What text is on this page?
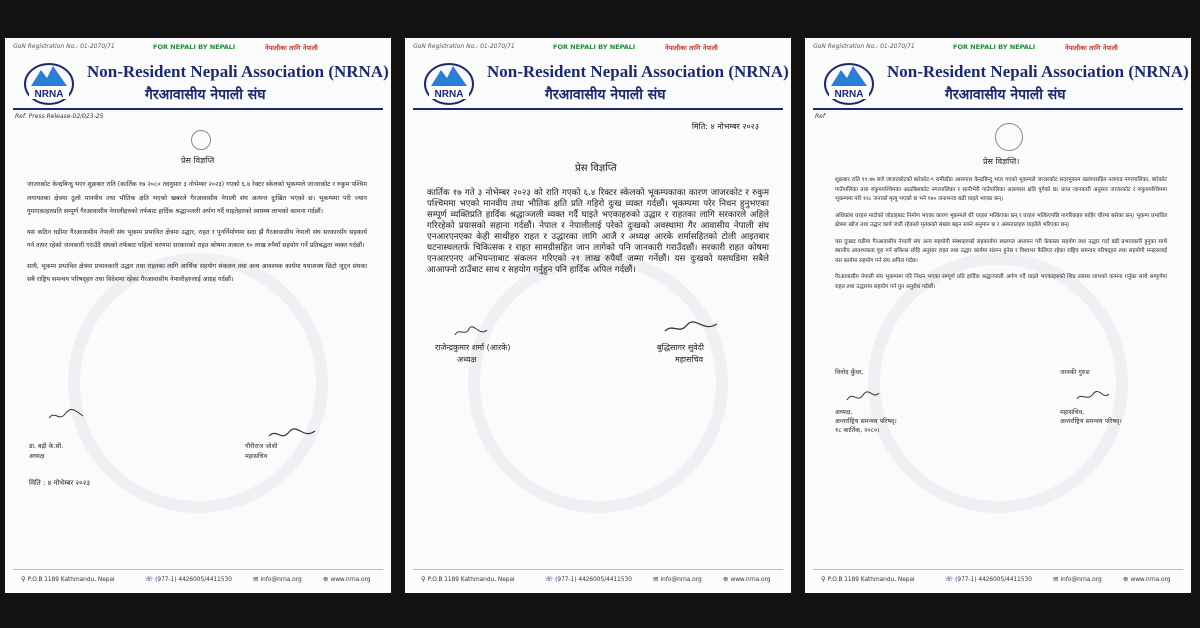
GoN Registration No.: 01-2070/71	FOR NEPALI BY NEPALI	नेपालीका लागि नेपाली
NRNA
Non-Resident Nepali Association (NRNA)
गैरआवासीय नेपाली संघ
Ref. Press Release-02/023-25
प्रेस विज्ञप्ति

जाजरकोट केन्द्रबिन्दु भएर शुक्रबार राति (कार्तिक १७ २०८० तदनुसार ३ नोभेम्बर २०२३) गएको ६.४ रेक्टर स्केलको भूकम्पले जाजरकोट र रुकुम पश्चिम लगायतका क्षेत्रमा ठूलो मानवीय तथा भौतिक क्षति भएको खबरले गैरआवासीय नेपाली संघ अत्यन्त दुःखित भएको छ। भूकम्पमा परी ज्यान गुमाएकाहरुप्रति सम्पूर्ण गैरआवासीय नेपालीहरुको तर्फबाट हार्दिक श्रद्धाञ्जली अर्पण गर्दै घाइतेहरुको स्वास्थ्य लाभको कामना गर्दछौं।

यस कठिन घडीमा गैरआवासीय नेपाली संघ भूकम्प प्रभावित क्षेत्रमा उद्धार, राहत र पुनर्निर्माणमा सदा झैं गैरआवासीय नेपाली संघ सरकारसँग सहकार्य गर्न तत्पर रहेको जानकारी गराउँदै संघको तर्फबाट पहिलो चरणमा सरकारको राहत कोषमा तत्काल १० लाख रुपैयाँ सहयोग गर्ने प्रतिबद्धता व्यक्त गर्दछौं।

साथै, भूकम्प प्रभावित क्षेत्रमा प्रभावकारी उद्धार तथा राहतका लागि आर्थिक सहयोग संकलन तथा अन्य आवश्यक कार्यमा यथाशक्य छिटो जुट्न संघका सबै राष्ट्रिय समन्वय परिषद्हरु तथा विदेशमा रहेका गैरआवासीय नेपालीहरुलाई आग्रह गर्दछौं।

डा. बद्री के.सी.
अध्यक्ष
गौरीराज जोशी
महासचिव
मिति : ४ नोभेम्बर २०२३
⚲ P.O.B 1189 Kathmandu, Nepal	☏ (977-1) 4426005/4411530	✉ info@nrna.org	⊕ www.nrna.org
GoN Registration No.: 01-2070/71	FOR NEPALI BY NEPALI	नेपालीका लागि नेपाली
NRNA
Non-Resident Nepali Association (NRNA)
गैरआवासीय नेपाली संघ
मिति: ४ नोभम्बर २०२३
प्रेस विज्ञप्ति

कार्तिक १७ गते ३ नोभेम्बर २०२३ को राति गएको ६.४ रिक्टर स्केलको भूकम्पकाका कारण जाजरकोट र रुकुम पश्चिममा भएको मानवीय तथा भौतिक क्षति प्रति गहिरो दुःख व्यक्त गर्दछौं। भूकम्पमा परेर निधन हुनुभएका सम्पूर्ण व्यक्तिप्रति हार्दिक श्रद्धाञ्जली व्यक्त गर्दै घाइते भएकाहरुको उद्धार र राहतका लागि सरकारले अहिले गरिरहेको प्रयासको सहाना गर्दछौं। नेपाल र नेपालीलाई परेको दुःखको अवस्थामा गैर आवासीय नेपाली संघ एनआरएनएका केही साथीहरु राहत र उद्धारका लागि आजै र अध्यक्ष आरके शर्मासहितको टोली आइतबार घटनास्थलतर्फ चिकित्सक र राहत सामग्रीसहित जान लागेको पनि जानकारी गराउँदछौं। सरकारी राहत कोषमा एनआरएनए अभियन्ताबाट संकलन गरिएको २१ लाख रुपैयाँ जम्मा गर्नेछौं। यस दुःखको यसघडिमा सबैले आआफ्नो ठाउँबाट साथ र सहयोग गर्नुहुन पनि हार्दिक अपिल गर्दछौं।

राजेन्द्रकुमार शर्मा (आरके)
अध्यक्ष
बुद्धिसागर सुवेदी
महासचिव
⚲ P.O.B 1189 Kathmandu, Nepal	☏ (977-1) 4426005/4411530	✉ info@nrna.org	⊕ www.nrna.org
GoN Registration No.: 01-2070/71	FOR NEPALI BY NEPALI	नेपालीका लागि नेपाली
NRNA
Non-Resident Nepali Association (NRNA)
गैरआवासीय नेपाली संघ
Ref
प्रेस विज्ञप्ति।

शुक्रबार राति ११:४७ बजे जाजरकोटको बारेकोट-९ रामीडाँडा आसपास केन्द्रबिन्दु भएर गएको भूकम्पले जाजरकोट सदरमुकाम खलंगासहित नलगाड नगरपालिका, बारेकोट गाउँपालिका तथा रुकुमपश्चिमका आठबिसकोट नगरपालिका र सानीभेरी गाउँपालिका आसपास क्षति पुगेको छ। प्राप्त जानकारी अनुसार जाजरकोट र रुकुमपश्चिममा भूकम्पमा परी १२८ जनाको मृत्यु भएको छ भने १४० जनाभन्दा बढी घाइते भएका छन्।

अधिकांश घरहरु माटोको जोडाइबाट निर्माण भएका कारण भूकम्पले धेरै घरहरु भत्किएका छन् र घरहरु भत्किएपछि नागरिकहरु बाहिर चौरमा बसेका छन्। भूकम्प प्रभावित क्षेत्रमा खोज तथा उद्धार कार्य जारी रहेकाले मृतकको संख्या बढ्न सक्ने अनुमान छ र अस्पतालहरु घाइतेले भरिएका छन्।

यस दुःखद घडीमा गैरआवासीय नेपाली संघ अन्य सहयोगी संस्थाहरुको सहकार्यमा स्थलगत अध्ययन गरी केकस्ता सहयोग तथा उद्धार गर्दा बढी प्रभावकारी हुनुका साथै स्थानीय आवश्यकता पूरा गर्न सकिन्छ सोहि अनुसार राहत तथा उद्धार कार्यमा संलग्न हुनेछ र विश्वभर फैलिएर रहेका राष्ट्रिय समन्वय परिषद्हरु तथा सहयोगी मनहरुलाई यस कार्यमा सहयोग गर्न संघ अपिल गर्दछ।

गैरआवासीय नेपाली संघ भूकम्पमा परि निधन भएका सम्पूर्ण प्रति हार्दिक श्रद्धाञ्जली अर्पण गर्दै घाइते भएकाहरुको शिघ्र स्वास्थ लाभको कामना गर्नुका साथै सम्पूर्णमा राहत तथा उद्धारमा सहयोग गर्न पुन अनुरोध गर्दछौं।

विनोद कुँवर,	जानकी गुरुङ
अध्यक्ष,
अन्तर्राष्ट्रिय समन्वय परिषद्।
१८ कार्तिक, २०८०।
महासचिव,
अन्तर्राष्ट्रिय समन्वय परिषद्।
⚲ P.O.B 1189 Kathmandu, Nepal	☏ (977-1) 4426005/4411530	✉ info@nrna.org	⊕ www.nrna.org
